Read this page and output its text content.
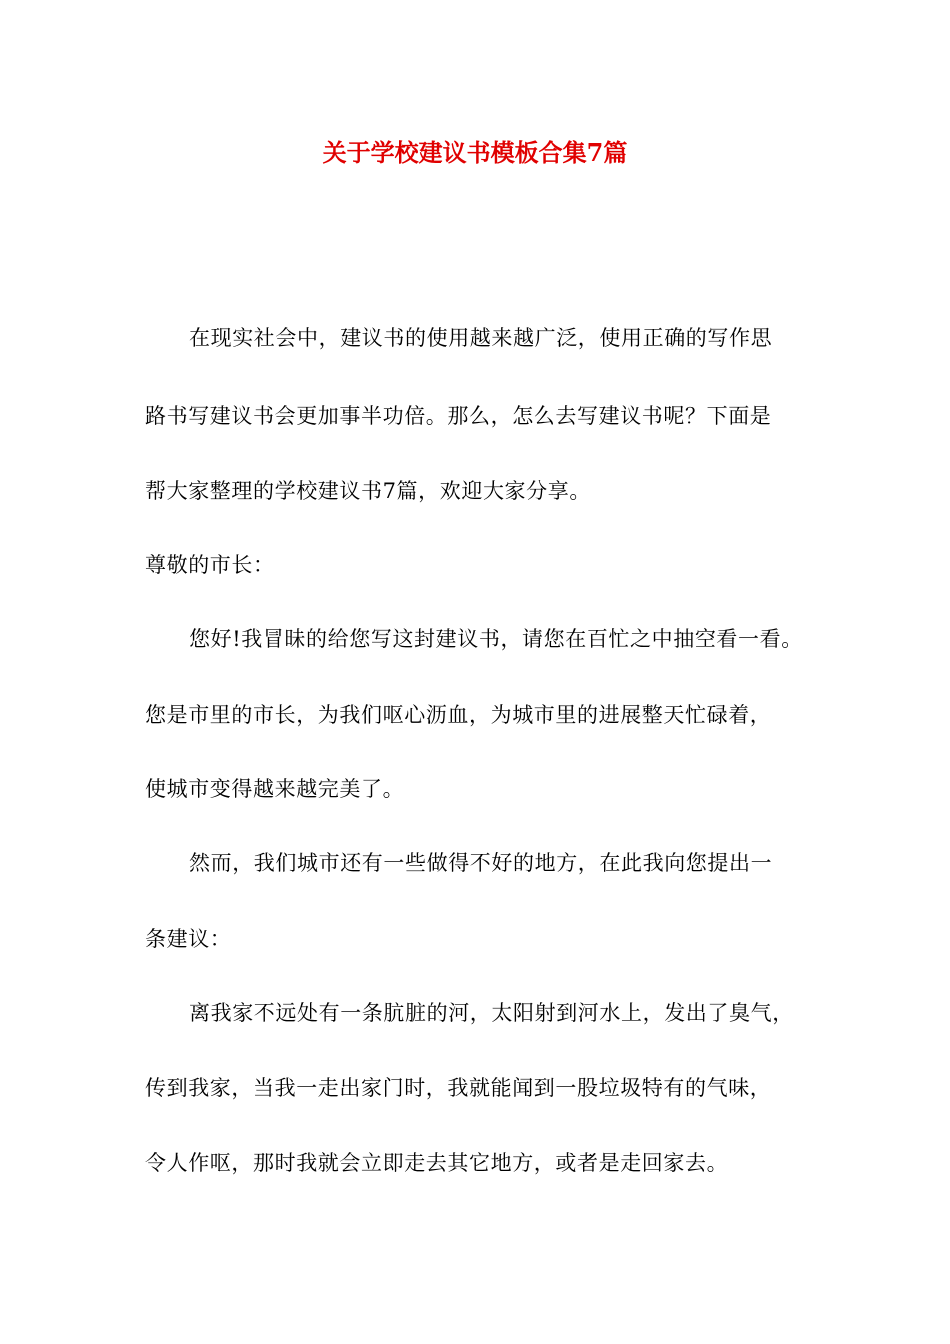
关于学校建议书模板合集7篇
在现实社会中，建议书的使用越来越广泛，使用正确的写作思
路书写建议书会更加事半功倍。那么，怎么去写建议书呢？下面是
帮大家整理的学校建议书7篇，欢迎大家分享。
尊敬的市长：
您好!我冒昧的给您写这封建议书，请您在百忙之中抽空看一看。
您是市里的市长，为我们呕心沥血，为城市里的进展整天忙碌着，
使城市变得越来越完美了。
然而，我们城市还有一些做得不好的地方，在此我向您提出一
条建议：
离我家不远处有一条肮脏的河，太阳射到河水上，发出了臭气，
传到我家，当我一走出家门时，我就能闻到一股垃圾特有的气味，
令人作呕，那时我就会立即走去其它地方，或者是走回家去。
